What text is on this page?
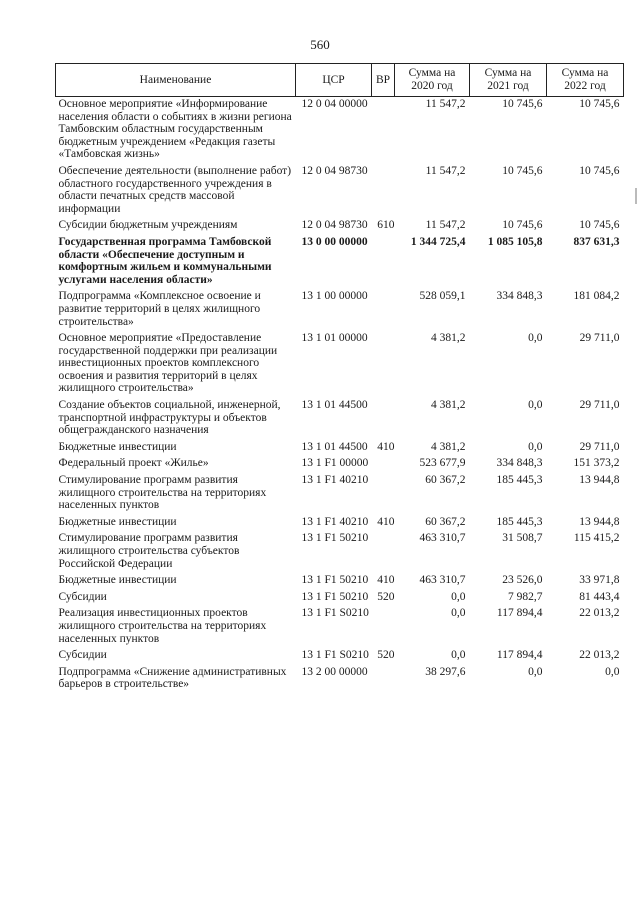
560
Наименование	ЦСР	ВР	Сумма на 2020 год	Сумма на 2021 год	Сумма на 2022 год
Основное мероприятие «Информирование населения области о событиях в жизни региона Тамбовским областным государственным бюджетным учреждением «Редакция газеты «Тамбовская жизнь»	12 0 04 00000		11 547,2	10 745,6	10 745,6
Обеспечение деятельности (выполнение работ) областного государственного учреждения в области печатных средств массовой информации	12 0 04 98730		11 547,2	10 745,6	10 745,6
Субсидии бюджетным учреждениям	12 0 04 98730	610	11 547,2	10 745,6	10 745,6
Государственная программа Тамбовской области «Обеспечение доступным и комфортным жильем и коммунальными услугами населения области»	13 0 00 00000		1 344 725,4	1 085 105,8	837 631,3
Подпрограмма «Комплексное освоение и развитие территорий в целях жилищного строительства»	13 1 00 00000		528 059,1	334 848,3	181 084,2
Основное мероприятие «Предоставление государственной поддержки при реализации инвестиционных проектов комплексного освоения и развития территорий в целях жилищного строительства»	13 1 01 00000		4 381,2	0,0	29 711,0
Создание объектов социальной, инженерной, транспортной инфраструктуры и объектов общегражданского назначения	13 1 01 44500		4 381,2	0,0	29 711,0
Бюджетные инвестиции	13 1 01 44500	410	4 381,2	0,0	29 711,0
Федеральный проект «Жилье»	13 1 F1 00000		523 677,9	334 848,3	151 373,2
Стимулирование программ развития жилищного строительства на территориях населенных пунктов	13 1 F1 40210		60 367,2	185 445,3	13 944,8
Бюджетные инвестиции	13 1 F1 40210	410	60 367,2	185 445,3	13 944,8
Стимулирование программ развития жилищного строительства субъектов Российской Федерации	13 1 F1 50210		463 310,7	31 508,7	115 415,2
Бюджетные инвестиции	13 1 F1 50210	410	463 310,7	23 526,0	33 971,8
Субсидии	13 1 F1 50210	520	0,0	7 982,7	81 443,4
Реализация инвестиционных проектов жилищного строительства на территориях населенных пунктов	13 1 F1 S0210		0,0	117 894,4	22 013,2
Субсидии	13 1 F1 S0210	520	0,0	117 894,4	22 013,2
Подпрограмма «Снижение административных барьеров в строительстве»	13 2 00 00000		38 297,6	0,0	0,0
